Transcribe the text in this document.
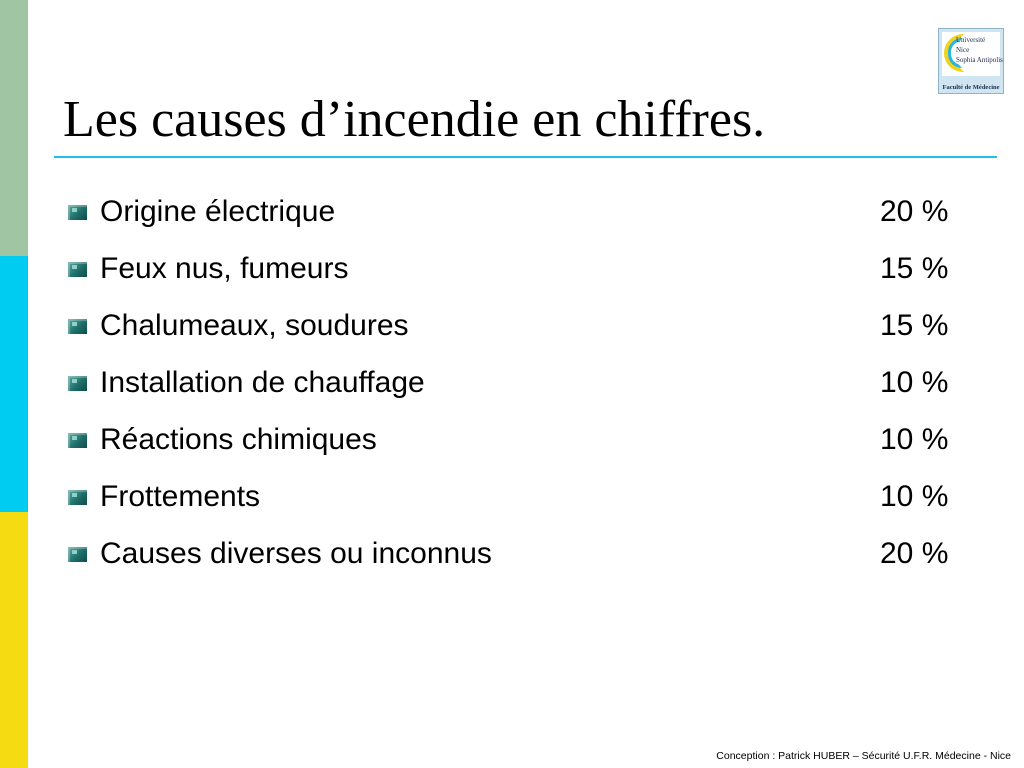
Université
Nice
Sophia Antipolis
Faculté de Médecine
Les causes d’incendie en chiffres.
Origine électrique	20 %
Feux nus, fumeurs	15 %
Chalumeaux, soudures	15 %
Installation de chauffage	10 %
Réactions chimiques	10 %
Frottements	10 %
Causes diverses ou inconnus	20 %
Conception : Patrick HUBER – Sécurité U.F.R. Médecine - Nice
